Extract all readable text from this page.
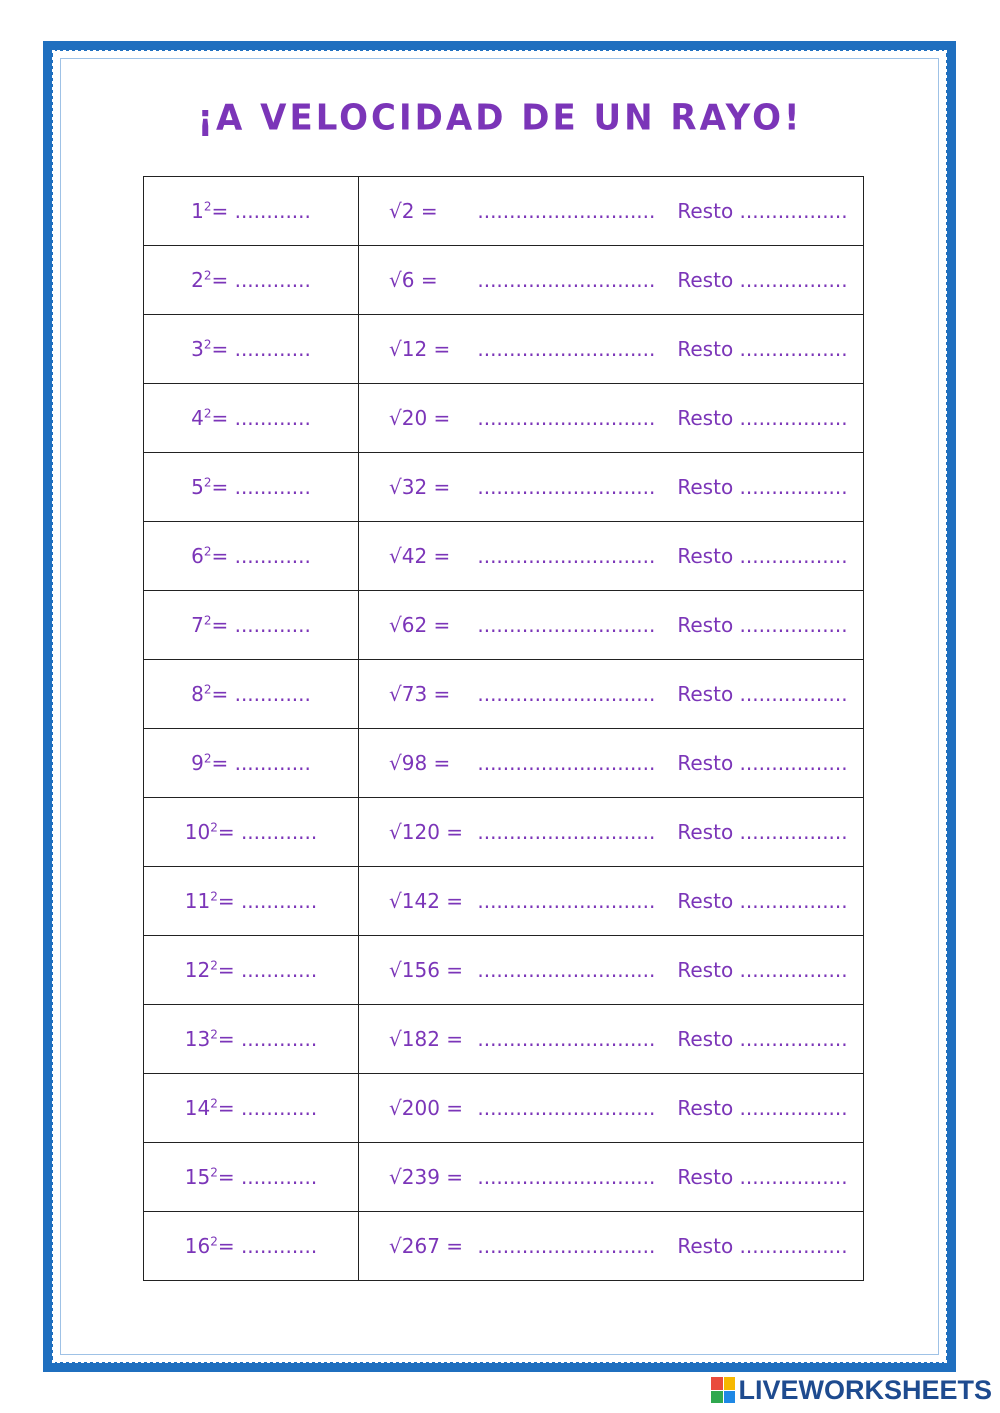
¡A VELOCIDAD DE UN RAYO!
$1^2=$ ............	√2 = ............................ Resto .................
$2^2=$ ............	√6 = ............................ Resto .................
$3^2=$ ............	√12 = ............................ Resto .................
$4^2=$ ............	√20 = ............................ Resto .................
$5^2=$ ............	√32 = ............................ Resto .................
$6^2=$ ............	√42 = ............................ Resto .................
$7^2=$ ............	√62 = ............................ Resto .................
$8^2=$ ............	√73 = ............................ Resto .................
$9^2=$ ............	√98 = ............................ Resto .................
$10^2=$ ............	√120 = ............................ Resto .................
$11^2=$ ............	√142 = ............................ Resto .................
$12^2=$ ............	√156 = ............................ Resto .................
$13^2=$ ............	√182 = ............................ Resto .................
$14^2=$ ............	√200 = ............................ Resto .................
$15^2=$ ............	√239 = ............................ Resto .................
$16^2=$ ............	√267 = ............................ Resto .................
LIVEWORKSHEETS
